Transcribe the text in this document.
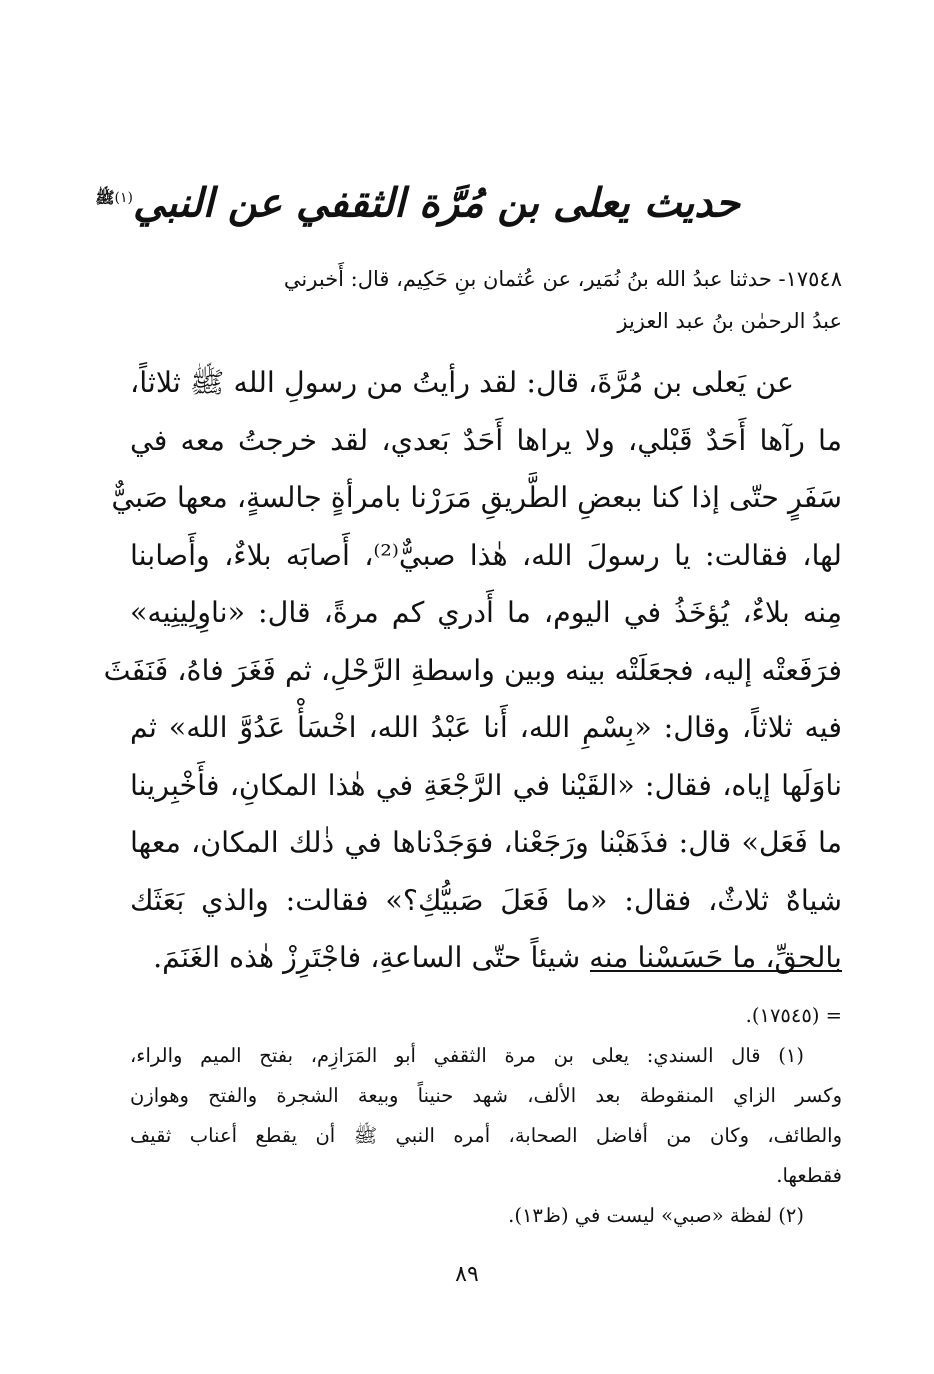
حديث يعلى بن مُرَّة الثقفي عن النبي$^{(١)ﷺ}$
١٧٥٤٨- حدثنا عبدُ الله بنُ نُمَير، عن عُثمان بنِ حَكِيم، قال: أَخبرني
عبدُ الرحمٰن بنُ عبد العزيز
عن يَعلى بن مُرَّةَ، قال: لقد رأيتُ من رسولِ الله ﷺ ثلاثاً،
ما رآها أَحَدٌ قَبْلي، ولا يراها أَحَدٌ بَعدي، لقد خرجتُ معه في
سَفَرٍ حتّى إذا كنا ببعضِ الطَّريقِ مَرَرْنا بامرأةٍ جالسةٍ، معها صَبيٌّ
لها، فقالت: يا رسولَ الله، هٰذا صبيٌّ⁽²⁾، أَصابَه بلاءٌ، وأَصابنا
مِنه بلاءٌ، يُؤخَذُ في اليوم، ما أَدري كم مرةً، قال: «ناوِلِينِيه»
فرَفَعتْه إليه، فجعَلَتْه بينه وبين واسطةِ الرَّحْلِ، ثم فَغَرَ فاهُ، فَنَفَثَ
فيه ثلاثاً، وقال: «بِسْمِ الله، أَنا عَبْدُ الله، اخْسَأْ عَدُوَّ الله» ثم
ناوَلَها إياه، فقال: «القَيْنا في الرَّجْعَةِ في هٰذا المكانِ، فأَخْبِرينا
ما فَعَل» قال: فذَهَبْنا ورَجَعْنا، فوَجَدْناها في ذٰلك المكان، معها
شياهٌ ثلاثٌ، فقال: «ما فَعَلَ صَبيُّكِ؟» فقالت: والذي بَعَثَك
بالحقِّ، ما حَسَسْنا منه شيئاً حتّى الساعةِ، فاجْتَرِزْ هٰذه الغَنَمَ.
= (١٧٥٤٥).
(١) قال السندي: يعلى بن مرة الثقفي أبو المَرَازِم، بفتح الميم والراء،
وكسر الزاي المنقوطة بعد الألف، شهد حنيناً وبيعة الشجرة والفتح وهوازن
والطائف، وكان من أفاضل الصحابة، أمره النبي ﷺ أن يقطع أعناب ثقيف
فقطعها.
(٢) لفظة «صبي» ليست في (ظ١٣).
٨٩
